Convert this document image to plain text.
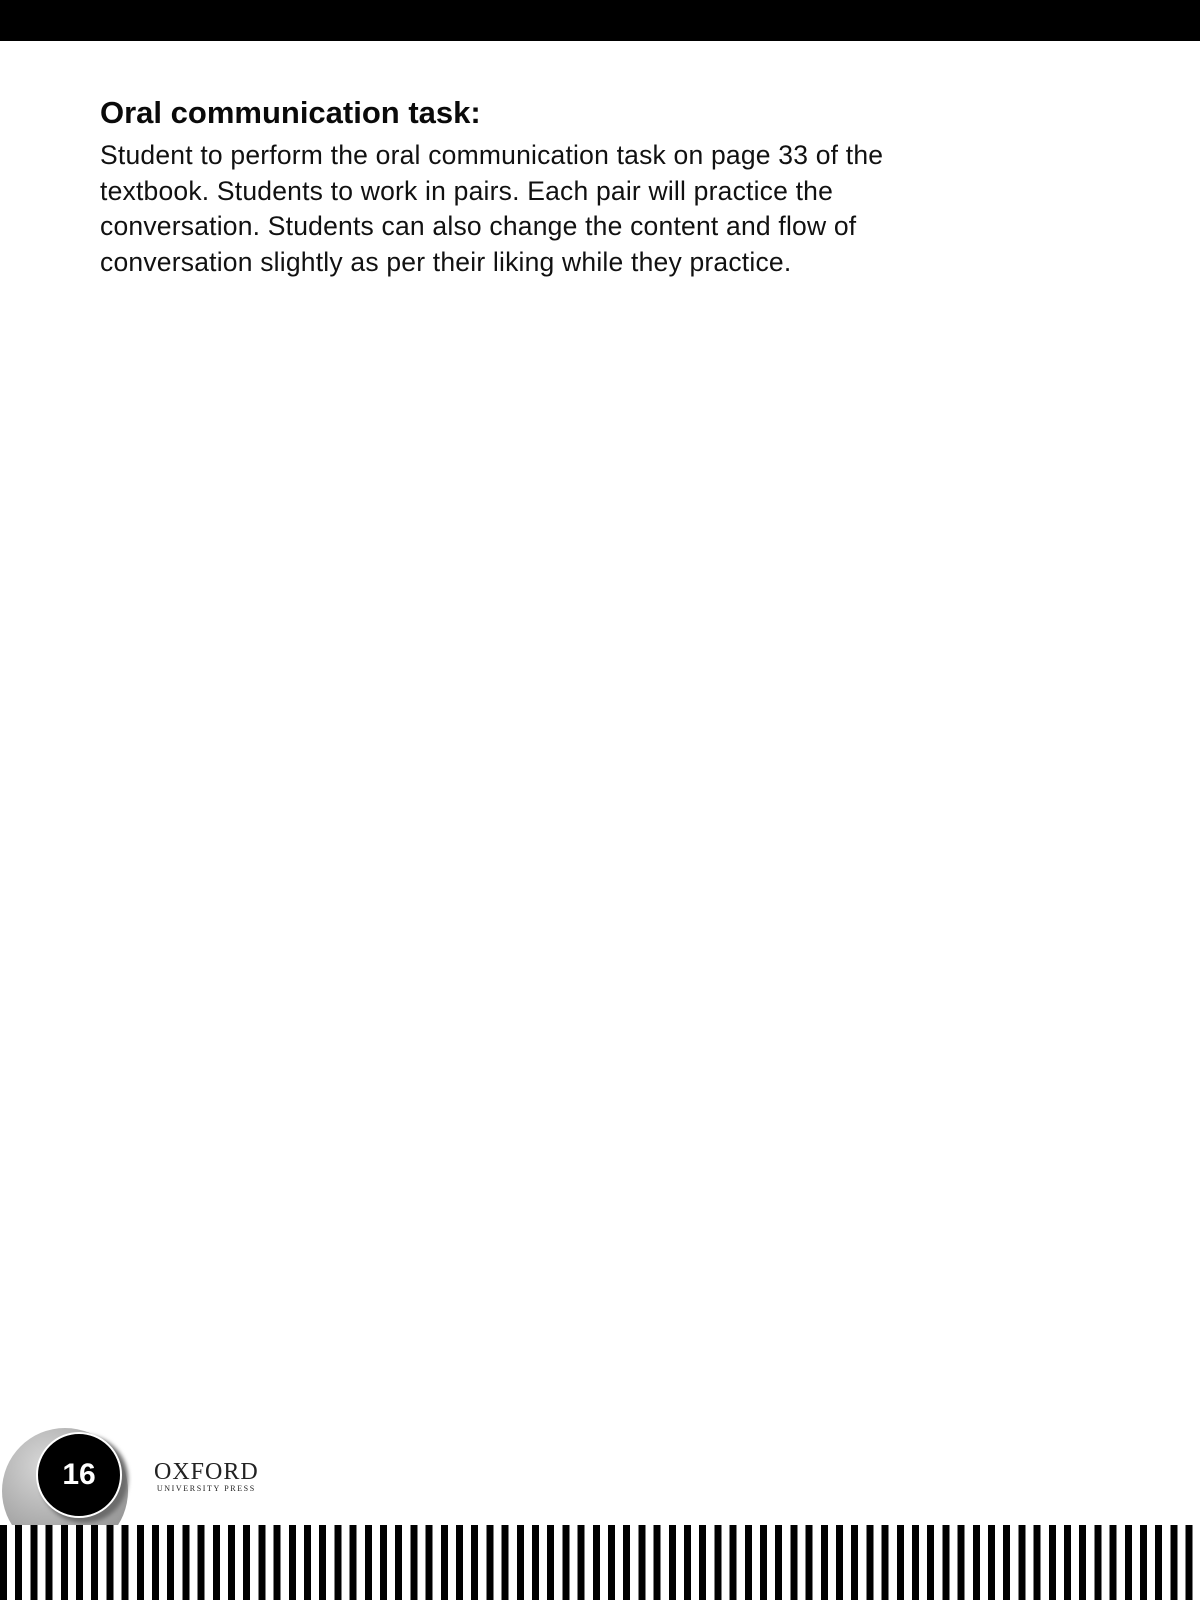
Oral communication task:

Student to perform the oral communication task on page 33 of the textbook. Students to work in pairs. Each pair will practice the conversation. Students can also change the content and flow of conversation slightly as per their liking while they practice.

16 OXFORD
UNIVERSITY PRESS
